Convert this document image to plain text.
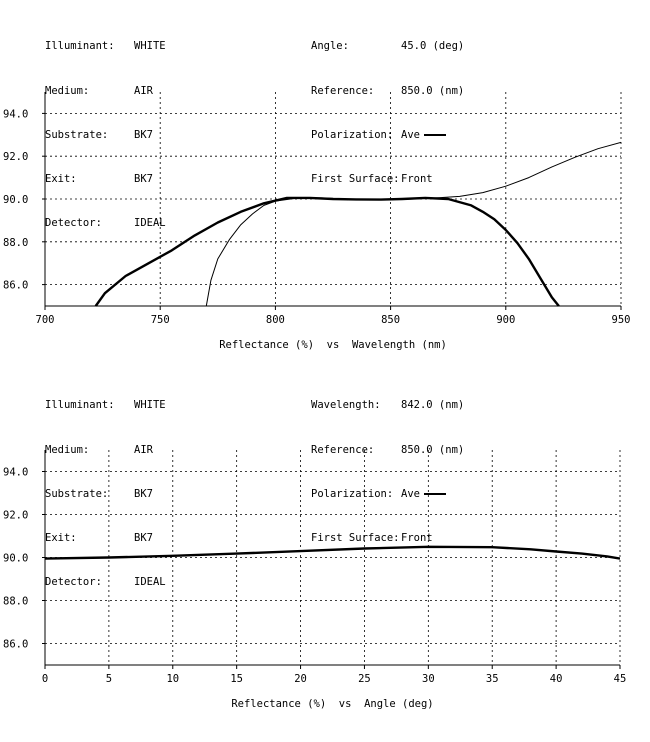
Illuminant: WHITE

Medium:	AIR

Substrate: BK7

Exit:	BK7

Detector:	IDEAL

Angle:	45.0 (deg)

Reference:	850.0 (nm)

Polarization: Ave

First Surface:Front

86.0
88.0
90.0
92.0
94.0
700	750	800	850	900	950
Reflectance (%)  vs  Wavelength (nm)

Illuminant: WHITE

Medium:	AIR

Substrate: BK7

Exit:	BK7

Detector:	IDEAL

Wavelength: 842.0 (nm)

Reference:	850.0 (nm)

Polarization: Ave

First Surface:Front

86.0
88.0
90.0
92.0
94.0
0	5	10	15	20	25	30	35	40	45
Reflectance (%)  vs  Angle (deg)
